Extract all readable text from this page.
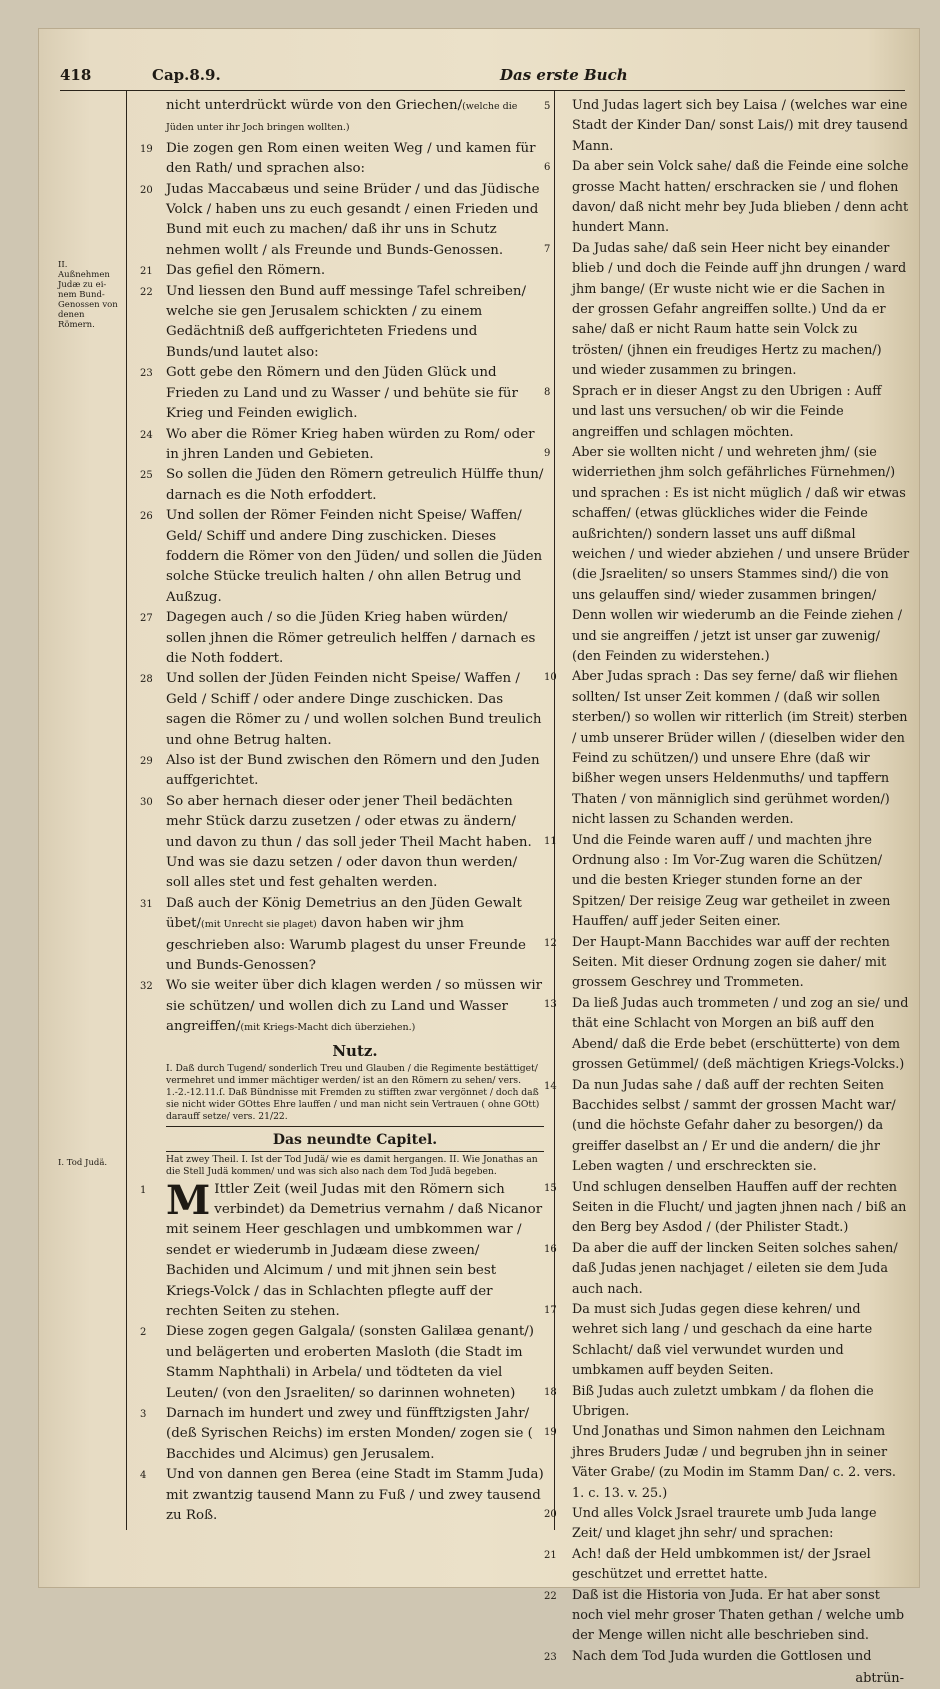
418	Cap.8.9.	Das erste Buch
II. Außnehmen Judæ zu ei-nem Bund-Genossen von denen Römern.
I. Tod Judä.

nicht unterdrückt würde von den Griechen/(welche die Jüden unter ihr Joch bringen wollten.)

19 Die zogen gen Rom einen weiten Weg / und kamen für den Rath/ und sprachen also:

20 Judas Maccabæus und seine Brüder / und das Jüdische Volck / haben uns zu euch gesandt / einen Frieden und Bund mit euch zu machen/ daß ihr uns in Schutz nehmen wollt / als Freunde und Bunds-Genossen.

21 Das gefiel den Römern.

22 Und liessen den Bund auff messinge Tafel schreiben/ welche sie gen Jerusalem schickten / zu einem Gedächtniß deß auffgerichteten Friedens und Bunds/und lautet also:

23 Gott gebe den Römern und den Jüden Glück und Frieden zu Land und zu Wasser / und behüte sie für Krieg und Feinden ewiglich.

24 Wo aber die Römer Krieg haben würden zu Rom/ oder in jhren Landen und Gebieten.

25 So sollen die Jüden den Römern getreulich Hülffe thun/ darnach es die Noth erfoddert.

26 Und sollen der Römer Feinden nicht Speise/ Waffen/ Geld/ Schiff und andere Ding zuschicken. Dieses foddern die Römer von den Jüden/ und sollen die Jüden solche Stücke treulich halten / ohn allen Betrug und Außzug.

27 Dagegen auch / so die Jüden Krieg haben würden/ sollen jhnen die Römer getreulich helffen / darnach es die Noth foddert.

28 Und sollen der Jüden Feinden nicht Speise/ Waffen / Geld / Schiff / oder andere Dinge zuschicken. Das sagen die Römer zu / und wollen solchen Bund treulich und ohne Betrug halten.

29 Also ist der Bund zwischen den Römern und den Juden auffgerichtet.

30 So aber hernach dieser oder jener Theil bedächten mehr Stück darzu zusetzen / oder etwas zu ändern/ und davon zu thun / das soll jeder Theil Macht haben. Und was sie dazu setzen / oder davon thun werden/ soll alles stet und fest gehalten werden.

31 Daß auch der König Demetrius an den Jüden Gewalt übet/(mit Unrecht sie plaget) davon haben wir jhm geschrieben also: Warumb plagest du unser Freunde und Bunds-Genossen?

32 Wo sie weiter über dich klagen werden / so müssen wir sie schützen/ und wollen dich zu Land und Wasser angreiffen/(mit Kriegs-Macht dich überziehen.)

Nutz.
I. Daß durch Tugend/ sonderlich Treu und Glauben / die Regimente bestättiget/ vermehret und immer mächtiger werden/ ist an den Römern zu sehen/ vers. 1.-2.-12.11.ſ. Daß Bündnisse mit Fremden zu stifften zwar vergönnet / doch daß sie nicht wider GOttes Ehre lauffen / und man nicht sein Vertrauen ( ohne GOtt) darauff setze/ vers. 21/22.
Das neundte Capitel.
Hat zwey Theil. I. Ist der Tod Judä/ wie es damit hergangen. II. Wie Jonathas an die Stell Judä kommen/ und was sich also nach dem Tod Judä begeben.

1 M Ittler Zeit (weil Judas mit den Römern sich verbindet) da Demetrius vernahm / daß Nicanor mit seinem Heer geschlagen und umbkommen war / sendet er wiederumb in Judæam diese zween/ Bachiden und Alcimum / und mit jhnen sein best Kriegs-Volck / das in Schlachten pflegte auff der rechten Seiten zu stehen.

2 Diese zogen gegen Galgala/ (sonsten Galilæa genant/) und belägerten und eroberten Masloth (die Stadt im Stamm Naphthali) in Arbela/ und tödteten da viel Leuten/ (von den Jsraeliten/ so darinnen wohneten)

3 Darnach im hundert und zwey und fünfftzigsten Jahr/ (deß Syrischen Reichs) im ersten Monden/ zogen sie ( Bacchides und Alcimus) gen Jerusalem.

4 Und von dannen gen Berea (eine Stadt im Stamm Juda) mit zwantzig tausend Mann zu Fuß / und zwey tausend zu Roß.

5 Und Judas lagert sich bey Laisa / (welches war eine Stadt der Kinder Dan/ sonst Lais/) mit drey tausend Mann.

6 Da aber sein Volck sahe/ daß die Feinde eine solche grosse Macht hatten/ erschracken sie / und flohen davon/ daß nicht mehr bey Juda blieben / denn acht hundert Mann.

7 Da Judas sahe/ daß sein Heer nicht bey einander blieb / und doch die Feinde auff jhn drungen / ward jhm bange/ (Er wuste nicht wie er die Sachen in der grossen Gefahr angreiffen sollte.) Und da er sahe/ daß er nicht Raum hatte sein Volck zu trösten/ (jhnen ein freudiges Hertz zu machen/) und wieder zusammen zu bringen.

8 Sprach er in dieser Angst zu den Ubrigen : Auff und last uns versuchen/ ob wir die Feinde angreiffen und schlagen möchten.

9 Aber sie wollten nicht / und wehreten jhm/ (sie widerriethen jhm solch gefährliches Fürnehmen/) und sprachen : Es ist nicht müglich / daß wir etwas schaffen/ (etwas glückliches wider die Feinde außrichten/) sondern lasset uns auff dißmal weichen / und wieder abziehen / und unsere Brüder (die Jsraeliten/ so unsers Stammes sind/) die von uns gelauffen sind/ wieder zusammen bringen/ Denn wollen wir wiederumb an die Feinde ziehen / und sie angreiffen / jetzt ist unser gar zuwenig/ (den Feinden zu widerstehen.)

10 Aber Judas sprach : Das sey ferne/ daß wir fliehen sollten/ Ist unser Zeit kommen / (daß wir sollen sterben/) so wollen wir ritterlich (im Streit) sterben / umb unserer Brüder willen / (dieselben wider den Feind zu schützen/) und unsere Ehre (daß wir bißher wegen unsers Heldenmuths/ und tapffern Thaten / von männiglich sind gerühmet worden/) nicht lassen zu Schanden werden.

11 Und die Feinde waren auff / und machten jhre Ordnung also : Im Vor-Zug waren die Schützen/ und die besten Krieger stunden forne an der Spitzen/ Der reisige Zeug war getheilet in zween Hauffen/ auff jeder Seiten einer.

12 Der Haupt-Mann Bacchides war auff der rechten Seiten. Mit dieser Ordnung zogen sie daher/ mit grossem Geschrey und Trommeten.

13 Da ließ Judas auch trommeten / und zog an sie/ und thät eine Schlacht von Morgen an biß auff den Abend/ daß die Erde bebet (erschütterte) von dem grossen Getümmel/ (deß mächtigen Kriegs-Volcks.)

14 Da nun Judas sahe / daß auff der rechten Seiten Bacchides selbst / sammt der grossen Macht war/ (und die höchste Gefahr daher zu besorgen/) da greiffer daselbst an / Er und die andern/ die jhr Leben wagten / und erschreckten sie.

15 Und schlugen denselben Hauffen auff der rechten Seiten in die Flucht/ und jagten jhnen nach / biß an den Berg bey Asdod / (der Philister Stadt.)

16 Da aber die auff der lincken Seiten solches sahen/ daß Judas jenen nachjaget / eileten sie dem Juda auch nach.

17 Da must sich Judas gegen diese kehren/ und wehret sich lang / und geschach da eine harte Schlacht/ daß viel verwundet wurden und umbkamen auff beyden Seiten.

18 Biß Judas auch zuletzt umbkam / da flohen die Ubrigen.

19 Und Jonathas und Simon nahmen den Leichnam jhres Bruders Judæ / und begruben jhn in seiner Väter Grabe/ (zu Modin im Stamm Dan/ c. 2. vers. 1. c. 13. v. 25.)

20 Und alles Volck Jsrael traurete umb Juda lange Zeit/ und klaget jhn sehr/ und sprachen:

21 Ach! daß der Held umbkommen ist/ der Jsrael geschützet und errettet hatte.

22 Daß ist die Historia von Juda. Er hat aber sonst noch viel mehr groser Thaten gethan / welche umb der Menge willen nicht alle beschrieben sind.

23 Nach dem Tod Juda wurden die Gottlosen und

abtrün-
